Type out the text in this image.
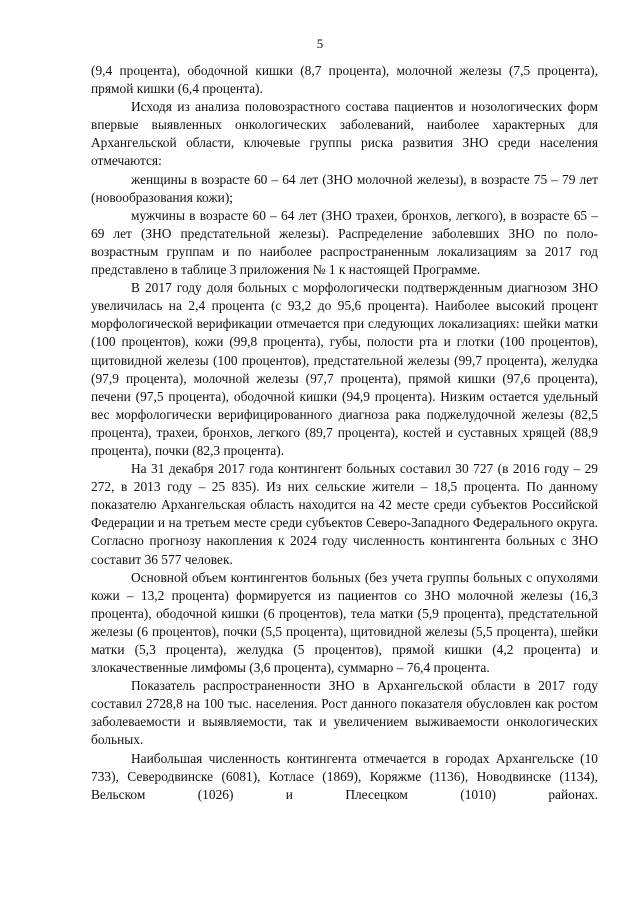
5

(9,4 процента), ободочной кишки (8,7 процента), молочной железы (7,5 процента), прямой кишки (6,4 процента).

Исходя из анализа половозрастного состава пациентов и нозологических форм впервые выявленных онкологических заболеваний, наиболее характерных для Архангельской области, ключевые группы риска развития ЗНО среди населения отмечаются:

женщины в возрасте 60 – 64 лет (ЗНО молочной железы), в возрасте 75 – 79 лет (новообразования кожи);

мужчины в возрасте 60 – 64 лет (ЗНО трахеи, бронхов, легкого), в возрасте 65 – 69 лет (ЗНО предстательной железы). Распределение заболевших ЗНО по поло-возрастным группам и по наиболее распространенным локализациям за 2017 год представлено в таблице 3 приложения № 1 к настоящей Программе.

В 2017 году доля больных с морфологически подтвержденным диагнозом ЗНО увеличилась на 2,4 процента (с 93,2 до 95,6 процента). Наиболее высокий процент морфологической верификации отмечается при следующих локализациях: шейки матки (100 процентов), кожи (99,8 процента), губы, полости рта и глотки (100 процентов), щитовидной железы (100 процентов), предстательной железы (99,7 процента), желудка (97,9 процента), молочной железы (97,7 процента), прямой кишки (97,6 процента), печени (97,5 процента), ободочной кишки (94,9 процента). Низким остается удельный вес морфологически верифицированного диагноза рака поджелудочной железы (82,5 процента), трахеи, бронхов, легкого (89,7 процента), костей и суставных хрящей (88,9 процента), почки (82,3 процента).

На 31 декабря 2017 года контингент больных составил 30 727 (в 2016 году – 29 272, в 2013 году – 25 835). Из них сельские жители – 18,5 процента. По данному показателю Архангельская область находится на 42 месте среди субъектов Российской Федерации и на третьем месте среди субъектов Северо-Западного Федерального округа. Согласно прогнозу накопления к 2024 году численность контингента больных с ЗНО составит 36 577 человек.

Основной объем контингентов больных (без учета группы больных с опухолями кожи – 13,2 процента) формируется из пациентов со ЗНО молочной железы (16,3 процента), ободочной кишки (6 процентов), тела матки (5,9 процента), предстательной железы (6 процентов), почки (5,5 процента), щитовидной железы (5,5 процента), шейки матки (5,3 процента), желудка (5 процентов), прямой кишки (4,2 процента) и злокачественные лимфомы (3,6 процента), суммарно – 76,4 процента.

Показатель распространенности ЗНО в Архангельской области в 2017 году составил 2728,8 на 100 тыс. населения. Рост данного показателя обусловлен как ростом заболеваемости и выявляемости, так и увеличением выживаемости онкологических больных.

Наибольшая численность контингента отмечается в городах Архангельске (10 733), Северодвинске (6081), Котласе (1869), Коряжме (1136), Новодвинске (1134), Вельском (1026) и Плесецком (1010) районах.
